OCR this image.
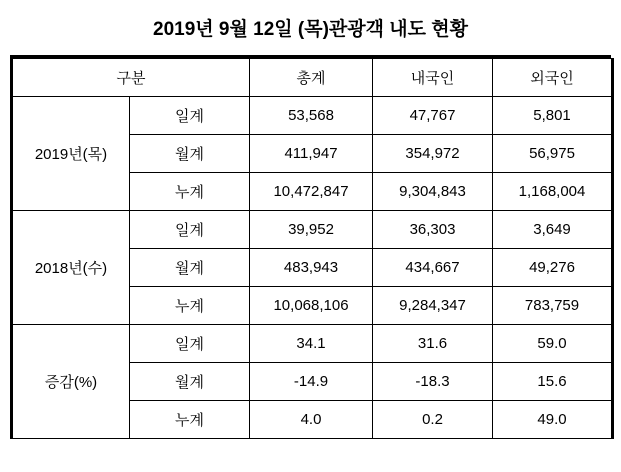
2019년 9월 12일 (목)관광객 내도 현황
구분		총계	내국인	외국인
2019년(목)	일계	53,568	47,767	5,801
	월계	411,947	354,972	56,975
	누계	10,472,847	9,304,843	1,168,004
2018년(수)	일계	39,952	36,303	3,649
	월계	483,943	434,667	49,276
	누계	10,068,106	9,284,347	783,759
증감(%)	일계	34.1	31.6	59.0
	월계	-14.9	-18.3	15.6
	누계	4.0	0.2	49.0
